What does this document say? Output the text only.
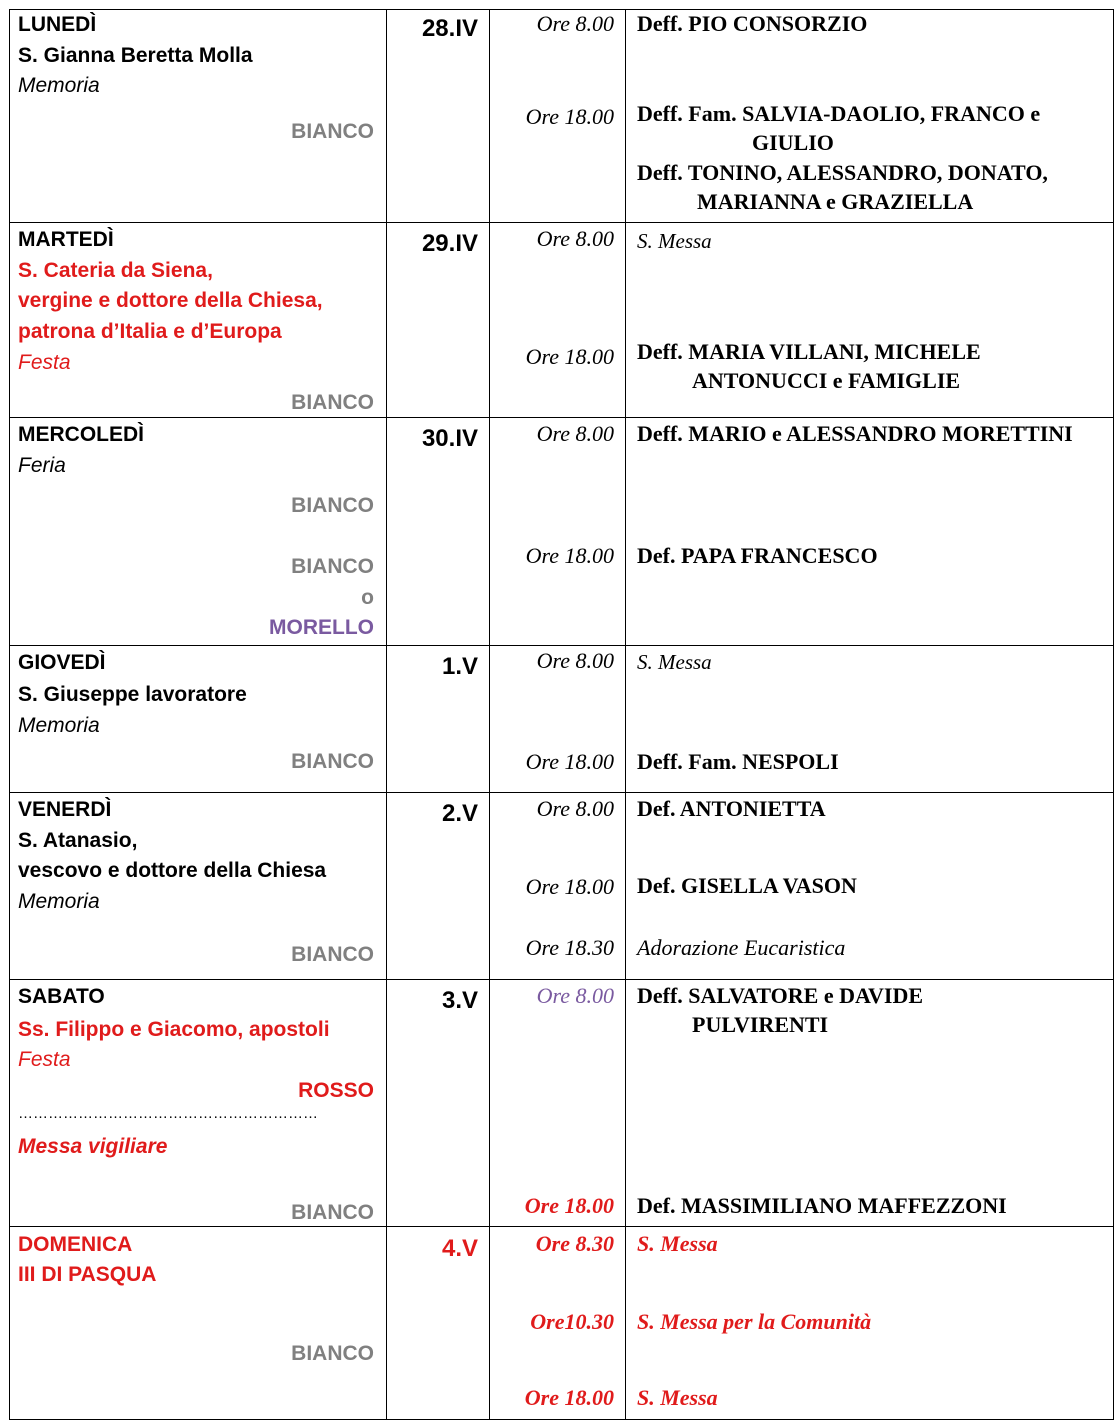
LUNEDÌ
S. Gianna Beretta Molla
Memoria
BIANCO
28.IV	Ore 8.00 Deff. PIO CONSORZIO
Ore 18.00 Deff. Fam. SALVIA-DAOLIO, FRANCO e
GIULIO
Deff. TONINO, ALESSANDRO, DONATO,
MARIANNA e GRAZIELLA
MARTEDÌ
S. Cateria da Siena,
vergine e dottore della Chiesa,
patrona d’Italia e d’Europa
Festa
BIANCO
29.IV	Ore 8.00 S. Messa
Ore 18.00 Deff. MARIA VILLANI, MICHELE
ANTONUCCI e FAMIGLIE
MERCOLEDÌ
Feria
BIANCO
BIANCO
o
MORELLO
30.IV	Ore 8.00 Deff. MARIO e ALESSANDRO MORETTINI
Ore 18.00 Def. PAPA FRANCESCO
GIOVEDÌ
S. Giuseppe lavoratore
Memoria
BIANCO
1.V	Ore 8.00 S. Messa
Ore 18.00 Deff. Fam. NESPOLI
VENERDÌ
S. Atanasio,
vescovo e dottore della Chiesa
Memoria
BIANCO
2.V	Ore 8.00 Def. ANTONIETTA
Ore 18.00 Def. GISELLA VASON
Ore 18.30 Adorazione Eucaristica
SABATO
Ss. Filippo e Giacomo, apostoli
Festa
ROSSO
……………………………………………………
Messa vigiliare
BIANCO
3.V	Ore 8.00 Deff. SALVATORE e DAVIDE
PULVIRENTI
Ore 18.00 Def. MASSIMILIANO MAFFEZZONI
DOMENICA
III DI PASQUA
BIANCO
4.V	Ore 8.30 S. Messa
Ore10.30 S. Messa per la Comunità
Ore 18.00 S. Messa
